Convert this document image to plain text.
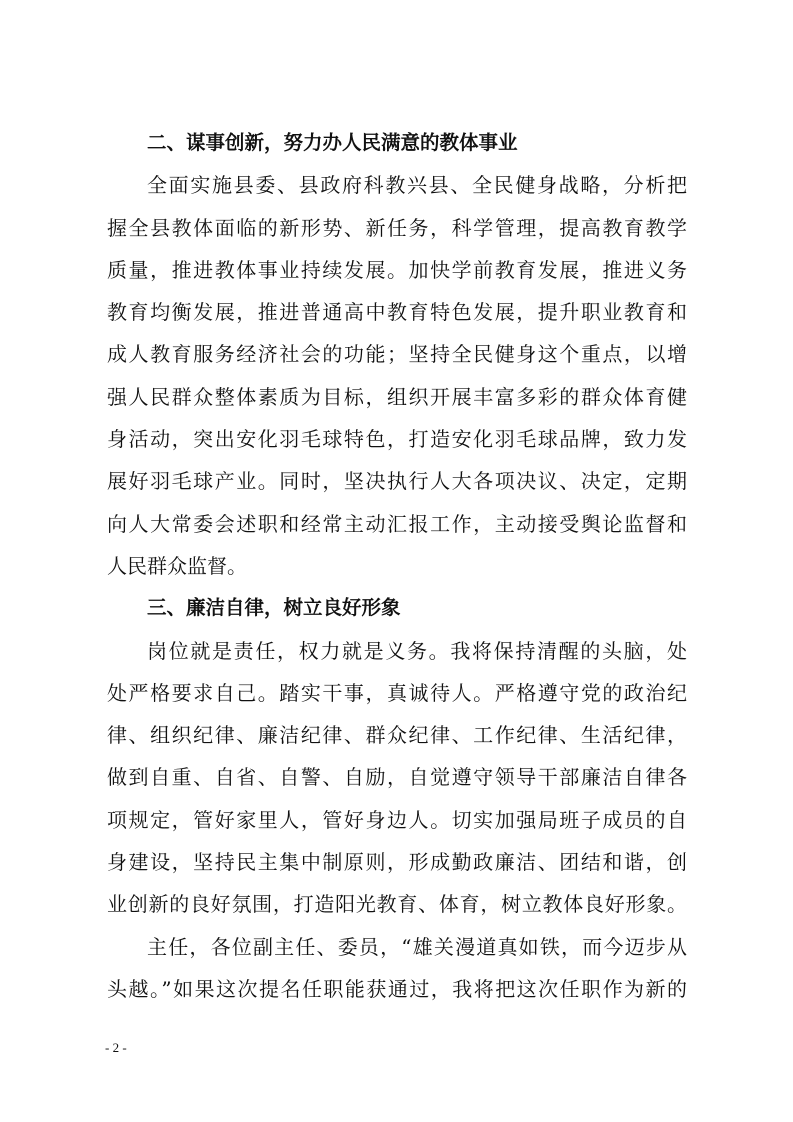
二、谋事创新，努力办人民满意的教体事业
全面实施县委、县政府科教兴县、全民健身战略，分析把
握全县教体面临的新形势、新任务，科学管理，提高教育教学
质量，推进教体事业持续发展。加快学前教育发展，推进义务
教育均衡发展，推进普通高中教育特色发展，提升职业教育和
成人教育服务经济社会的功能；坚持全民健身这个重点，以增
强人民群众整体素质为目标，组织开展丰富多彩的群众体育健
身活动，突出安化羽毛球特色，打造安化羽毛球品牌，致力发
展好羽毛球产业。同时，坚决执行人大各项决议、决定，定期
向人大常委会述职和经常主动汇报工作，主动接受舆论监督和
人民群众监督。
三、廉洁自律，树立良好形象
岗位就是责任，权力就是义务。我将保持清醒的头脑，处
处严格要求自己。踏实干事，真诚待人。严格遵守党的政治纪
律、组织纪律、廉洁纪律、群众纪律、工作纪律、生活纪律，
做到自重、自省、自警、自励，自觉遵守领导干部廉洁自律各
项规定，管好家里人，管好身边人。切实加强局班子成员的自
身建设，坚持民主集中制原则，形成勤政廉洁、团结和谐，创
业创新的良好氛围，打造阳光教育、体育，树立教体良好形象。
主任，各位副主任、委员，“雄关漫道真如铁，而今迈步从
头越。”如果这次提名任职能获通过，我将把这次任职作为新的
- 2 -
